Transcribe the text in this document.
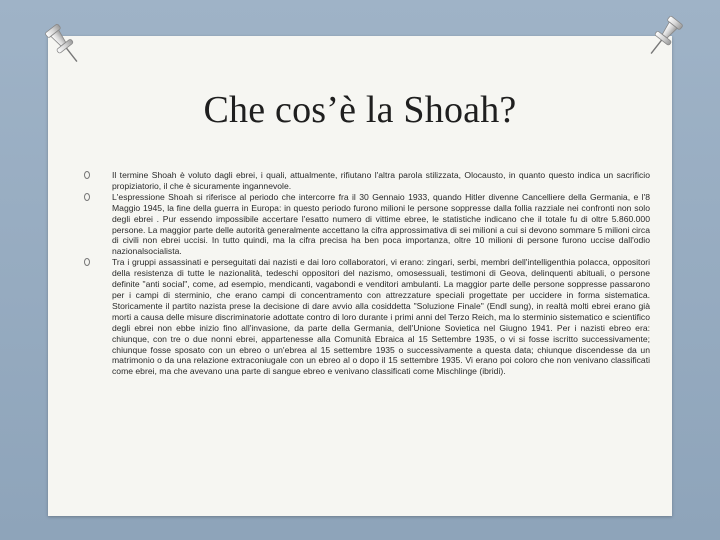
Che cos’è la Shoah?
Il termine Shoah è voluto dagli ebrei, i quali, attualmente, rifiutano l'altra parola stilizzata, Olocausto, in quanto questo indica un sacrificio propiziatorio, il che è sicuramente ingannevole.
L'espressione Shoah si riferisce al periodo che intercorre fra il 30 Gennaio 1933, quando Hitler divenne Cancelliere della Germania, e l'8 Maggio 1945, la fine della guerra in Europa: in questo periodo furono milioni le persone soppresse dalla follia razziale nei confronti non solo degli ebrei . Pur essendo impossibile accertare l'esatto numero di vittime ebree, le statistiche indicano che il totale fu di oltre 5.860.000 persone. La maggior parte delle autorità generalmente accettano la cifra approssimativa di sei milioni a cui si devono sommare 5 milioni circa di civili non ebrei uccisi. In tutto quindi, ma la cifra precisa ha ben poca importanza, oltre 10 milioni di persone furono uccise dall'odio nazionalsocialista.
Tra i gruppi assassinati e perseguitati dai nazisti e dai loro collaboratori, vi erano: zingari, serbi, membri dell'intelligenthia polacca, oppositori della resistenza di tutte le nazionalità, tedeschi oppositori del nazismo, omosessuali, testimoni di Geova, delinquenti abituali, o persone definite "anti social", come, ad esempio, mendicanti, vagabondi e venditori ambulanti. La maggior parte delle persone soppresse passarono per i campi di sterminio, che erano campi di concentramento con attrezzature speciali progettate per uccidere in forma sistematica. Storicamente il partito nazista prese la decisione di dare avvio alla cosiddetta "Soluzione Finale" (Endl sung), in realtà molti ebrei erano già morti a causa delle misure discriminatorie adottate contro di loro durante i primi anni del Terzo Reich, ma lo sterminio sistematico e scientifico degli ebrei non ebbe inizio fino all'invasione, da parte della Germania, dell'Unione Sovietica nel Giugno 1941. Per i nazisti ebreo era: chiunque, con tre o due nonni ebrei, appartenesse alla Comunità Ebraica al 15 Settembre 1935, o vi si fosse iscritto successivamente; chiunque fosse sposato con un ebreo o un'ebrea al 15 settembre 1935 o successivamente a questa data; chiunque discendesse da un matrimonio o da una relazione extraconiugale con un ebreo al o dopo il 15 settembre 1935. Vi erano poi coloro che non venivano classificati come ebrei, ma che avevano una parte di sangue ebreo e venivano classificati come Mischlinge (ibridi).
